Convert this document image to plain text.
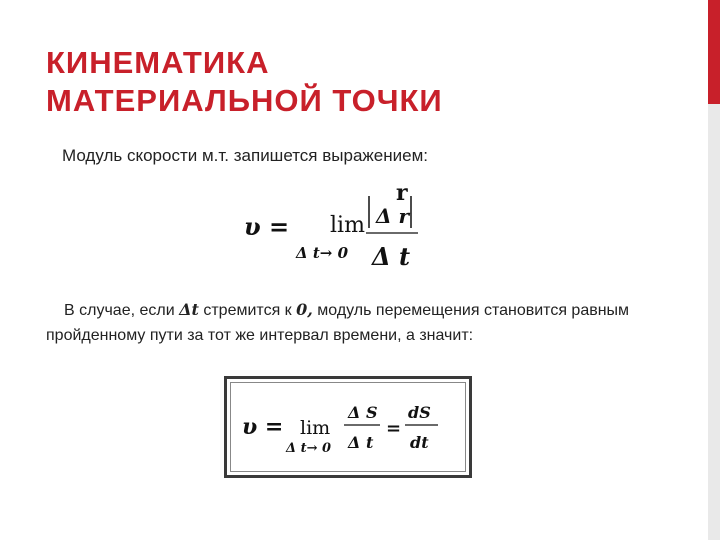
КИНЕМАТИКА
МАТЕРИАЛЬНОЙ ТОЧКИ
Модуль скорости м.т. запишется выражением:
υ = lim
Δ t→ 0
r
Δ r
Δ t
В случае, если Δt стремится к 0, модуль перемещения становится равным пройденному пути за тот же интервал времени, а значит:
υ = lim
Δ t→ 0
Δ S
Δ t
=
dS
dt
